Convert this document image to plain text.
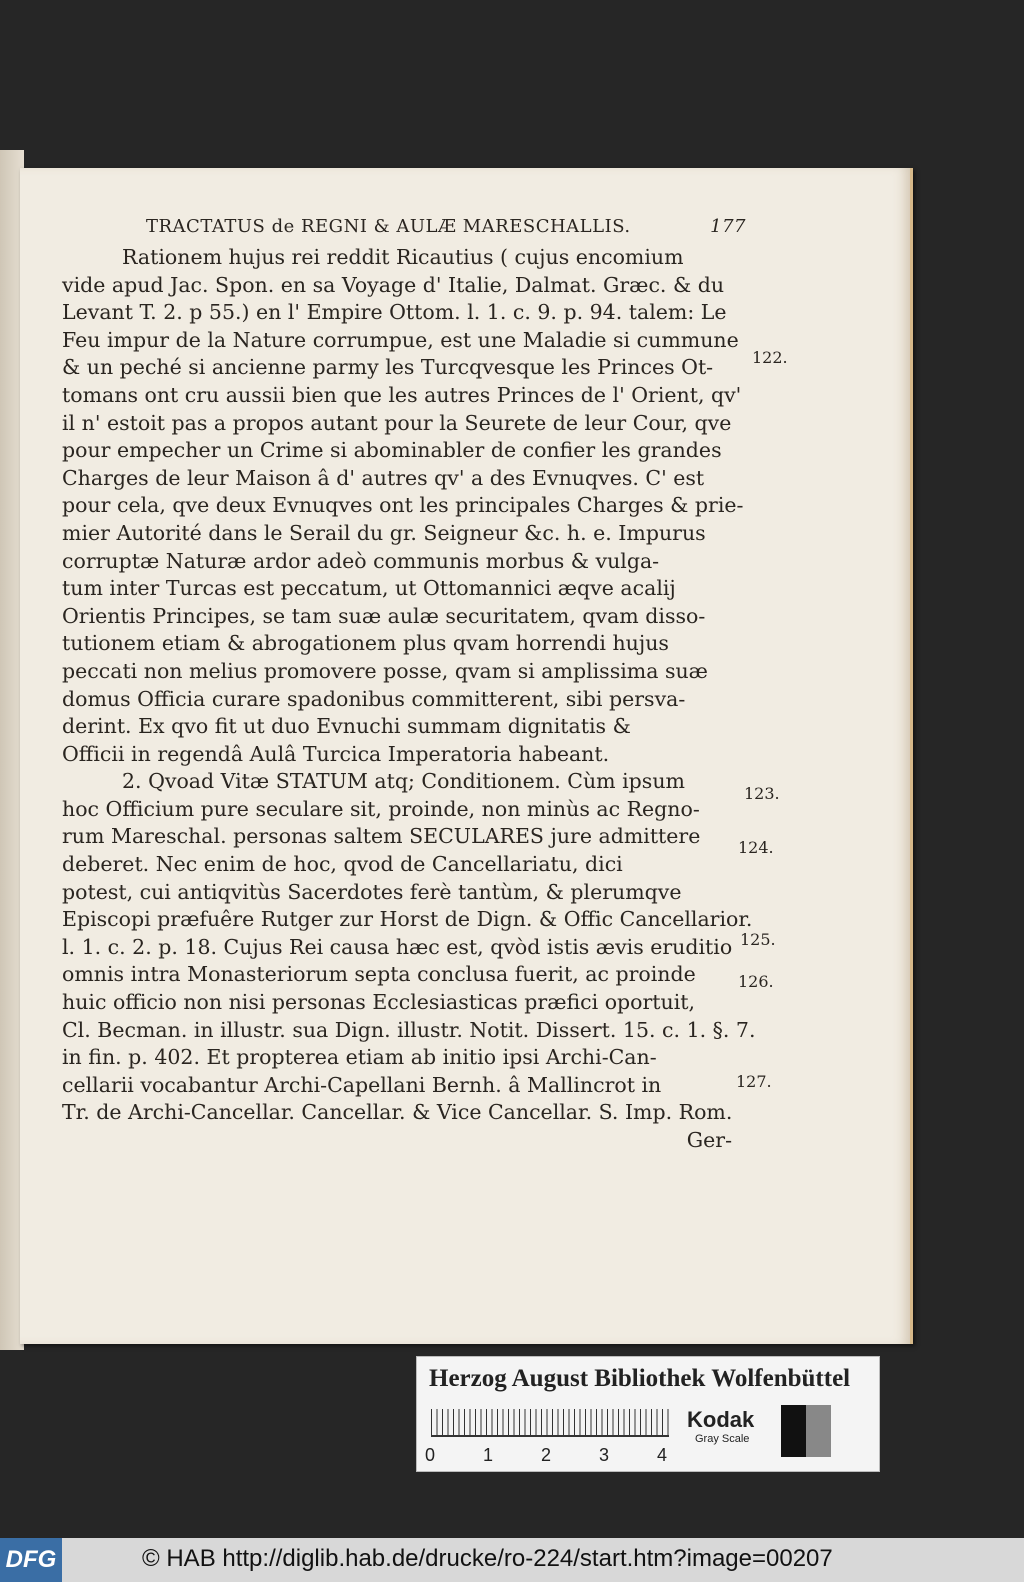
TRACTATUS de REGNI & AULÆ MARESCHALLIS.	177
Rationem hujus rei reddit Ricautius ( cujus encomium
vide apud Jac. Spon. en sa Voyage d' Italie, Dalmat. Græc. & du
Levant T. 2. p 55.) en l' Empire Ottom. l. 1. c. 9. p. 94. talem: Le
Feu impur de la Nature corrumpue, est une Maladie si cummune
& un peché si ancienne parmy les Turcqvesque les Princes Ot-
tomans ont cru aussii bien que les autres Princes de l' Orient, qv'
il n' estoit pas a propos autant pour la Seurete de leur Cour, qve
pour empecher un Crime si abominabler de confier les grandes
Charges de leur Maison â d' autres qv' a des Evnuqves. C' est
pour cela, qve deux Evnuqves ont les principales Charges & prie-
mier Autorité dans le Serail du gr. Seigneur &c. h. e. Impurus
corruptæ Naturæ ardor adeò communis morbus & vulga-
tum inter Turcas est peccatum, ut Ottomannici æqve acalij
Orientis Principes, se tam suæ aulæ securitatem, qvam disso-
tutionem etiam & abrogationem plus qvam horrendi hujus
peccati non melius promovere posse, qvam si amplissima suæ
domus Officia curare spadonibus committerent, sibi persva-
derint. Ex qvo fit ut duo Evnuchi summam dignitatis &
Officii in regendâ Aulâ Turcica Imperatoria habeant.
2. Qvoad Vitæ STATUM atq; Conditionem. Cùm ipsum
hoc Officium pure seculare sit, proinde, non minùs ac Regno-
rum Mareschal. personas saltem SECULARES jure admittere
deberet. Nec enim de hoc, qvod de Cancellariatu, dici
potest, cui antiqvitùs Sacerdotes ferè tantùm, & plerumqve
Episcopi præfuêre Rutger zur Horst de Dign. & Offic Cancellarior.
l. 1. c. 2. p. 18. Cujus Rei causa hæc est, qvòd istis ævis eruditio
omnis intra Monasteriorum septa conclusa fuerit, ac proinde
huic officio non nisi personas Ecclesiasticas præfici oportuit,
Cl. Becman. in illustr. sua Dign. illustr. Notit. Dissert. 15. c. 1. §. 7.
in fin. p. 402. Et propterea etiam ab initio ipsi Archi-Can-
cellarii vocabantur Archi-Capellani Bernh. â Mallincrot in
Tr. de Archi-Cancellar. Cancellar. & Vice Cancellar. S. Imp. Rom.
Ger-
122.
123.
124.
125.
126.
127.
Herzog August Bibliothek Wolfenbüttel
0	1	2	3	4
Kodak
Gray Scale
DFG	© HAB http://diglib.hab.de/drucke/ro-224/start.htm?image=00207
